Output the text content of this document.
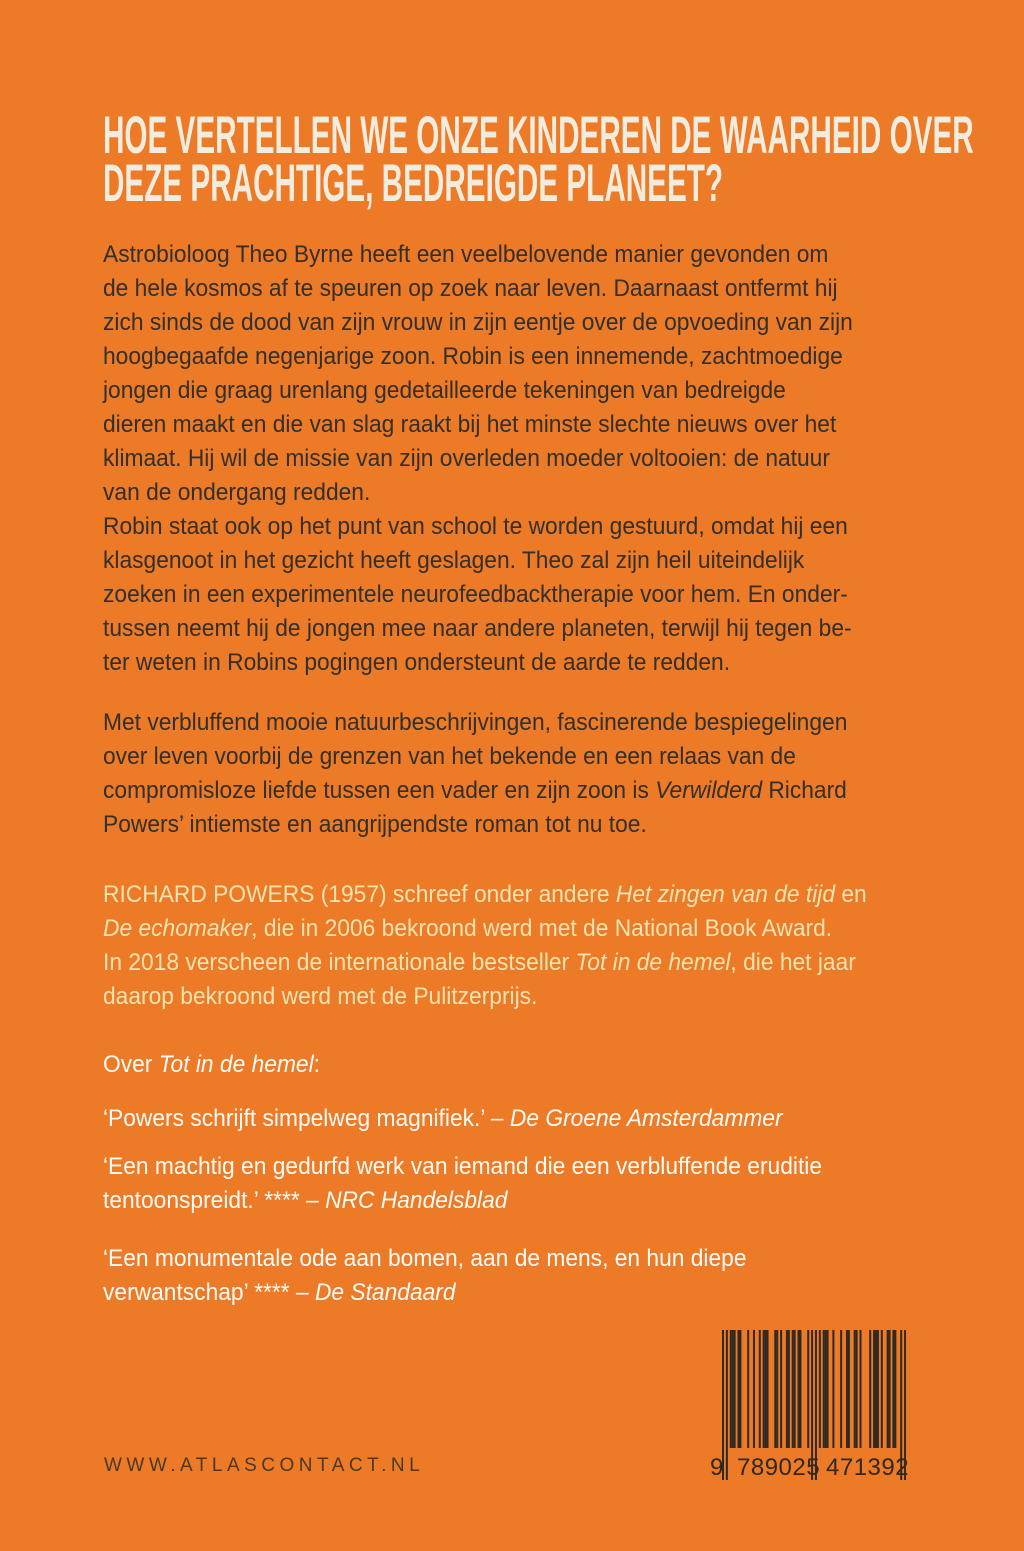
HOE VERTELLEN WE ONZE KINDEREN DE WAARHEID OVER
DEZE PRACHTIGE, BEDREIGDE PLANEET?
Astrobioloog Theo Byrne heeft een veelbelovende manier gevonden om
de hele kosmos af te speuren op zoek naar leven. Daarnaast ontfermt hij
zich sinds de dood van zijn vrouw in zijn eentje over de opvoeding van zijn
hoogbegaafde negenjarige zoon. Robin is een innemende, zachtmoedige
jongen die graag urenlang gedetailleerde tekeningen van bedreigde
dieren maakt en die van slag raakt bij het minste slechte nieuws over het
klimaat. Hij wil de missie van zijn overleden moeder voltooien: de natuur
van de ondergang redden.
Robin staat ook op het punt van school te worden gestuurd, omdat hij een
klasgenoot in het gezicht heeft geslagen. Theo zal zijn heil uiteindelijk
zoeken in een experimentele neurofeedbacktherapie voor hem. En onder-
tussen neemt hij de jongen mee naar andere planeten, terwijl hij tegen be-
ter weten in Robins pogingen ondersteunt de aarde te redden.
Met verbluffend mooie natuurbeschrijvingen, fascinerende bespiegelingen
over leven voorbij de grenzen van het bekende en een relaas van de
compromisloze liefde tussen een vader en zijn zoon is Verwilderd Richard
Powers’ intiemste en aangrijpendste roman tot nu toe.
RICHARD POWERS (1957) schreef onder andere Het zingen van de tijd en
De echomaker, die in 2006 bekroond werd met de National Book Award.
In 2018 verscheen de internationale bestseller Tot in de hemel, die het jaar
daarop bekroond werd met de Pulitzerprijs.
Over Tot in de hemel:
‘Powers schrijft simpelweg magnifiek.’ – De Groene Amsterdammer
‘Een machtig en gedurfd werk van iemand die een verbluffende eruditie
tentoonspreidt.’ **** – NRC Handelsblad
‘Een monumentale ode aan bomen, aan de mens, en hun diepe
verwantschap’ **** – De Standaard
WWW.ATLASCONTACT.NL	9 789025 471392
